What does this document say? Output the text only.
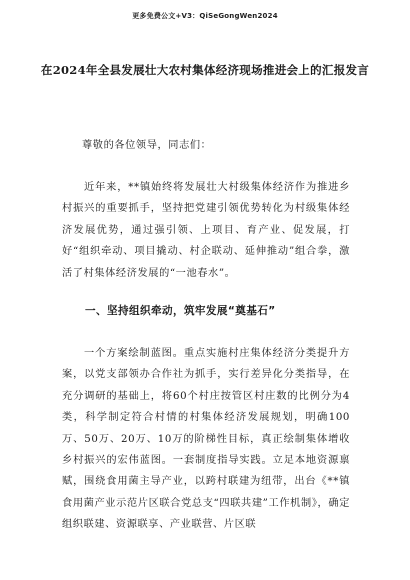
更多免费公文+V3：QiSeGongWen2024
在2024年全县发展壮大农村集体经济现场推进会上的汇报发言
尊敬的各位领导，同志们：
近年来，**镇始终将发展壮大村级集体经济作为推进乡村振兴的重要抓手，坚持把党建引领优势转化为村级集体经济发展优势，通过强引领、上项目、育产业、促发展，打好“组织牵动、项目撬动、村企联动、延伸推动”组合拳，激活了村集体经济发展的“一池春水”。
一、坚持组织牵动，筑牢发展“奠基石”
一个方案绘制蓝图。重点实施村庄集体经济分类提升方案，以党支部领办合作社为抓手，实行差异化分类指导，在充分调研的基础上，将60个村庄按管区村庄数的比例分为4类，科学制定符合村情的村集体经济发展规划，明确100万、50万、20万、10万的阶梯性目标，真正绘制集体增收乡村振兴的宏伟蓝图。一套制度指导实践。立足本地资源禀赋，围绕食用菌主导产业，以跨村联建为纽带，出台《**镇食用菌产业示范片区联合党总支“四联共建”工作机制》，确定组织联建、资源联享、产业联营、片区联
